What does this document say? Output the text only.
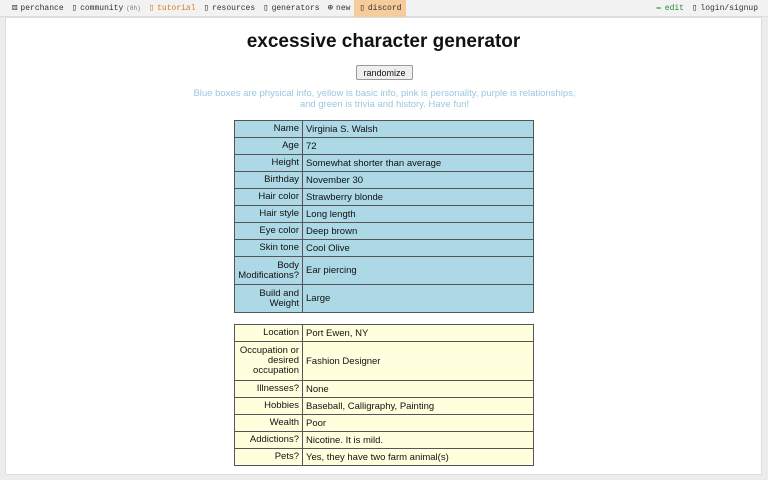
⚄ perchance ▯ community (8h) ▯ tutorial ▯ resources ▯ generators ⊕ new ▯ discord	✏ edit ▯ login/signup
excessive character generator
randomize
Blue boxes are physical info, yellow is basic info, pink is personality, purple is relationships, and green is trivia and history. Have fun!
Name	Virginia S. Walsh
Age	72
Height	Somewhat shorter than average
Birthday	November 30
Hair color	Strawberry blonde
Hair style	Long length
Eye color	Deep brown
Skin tone	Cool Olive
Body Modifications?	Ear piercing
Build and Weight	Large
Location	Port Ewen, NY
Occupation or desired occupation	Fashion Designer
Illnesses?	None
Hobbies	Baseball, Calligraphy, Painting
Wealth	Poor
Addictions?	Nicotine. It is mild.
Pets?	Yes, they have two farm animal(s)
